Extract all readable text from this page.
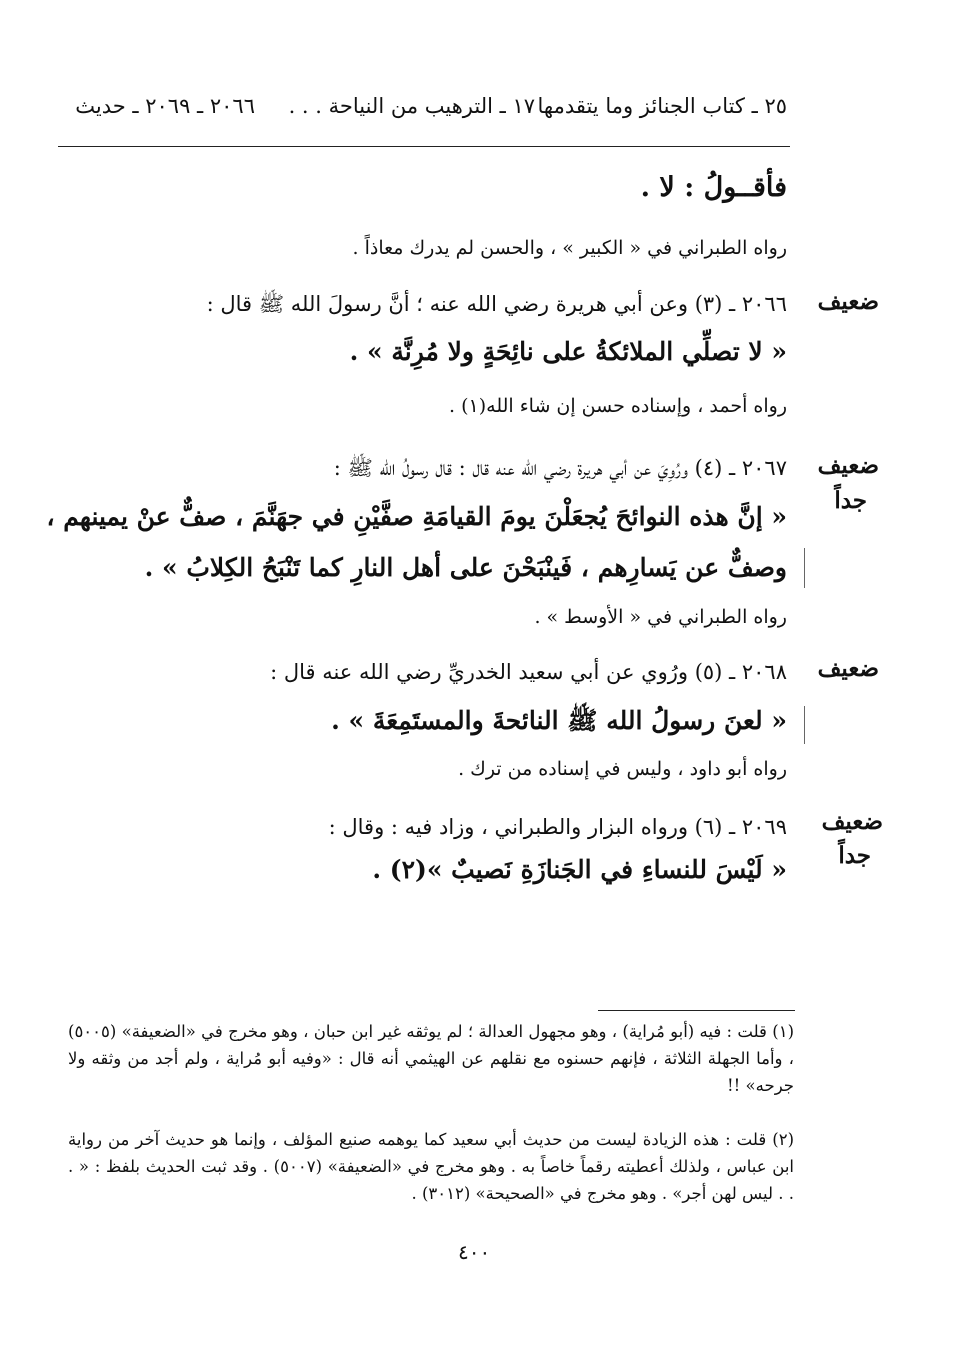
٢٥ ـ كتاب الجنائز وما يتقدمها
١٧ ـ الترهيب من النياحة . . .
٢٠٦٦ ـ ٢٠٦٩ ـ حديث
فأقــولُ : لا .
رواه الطبراني في « الكبير » ، والحسن لم يدرك معاذاً .
ضعيف
٢٠٦٦ ـ (٣) وعن أبي هريرة رضي الله عنه ؛ أنَّ رسولَ الله ﷺ قال :
« لا تصلِّي الملائكةُ على نائِحَةٍ ولا مُرِنَّة » .
رواه أحمد ، وإسناده حسن إن شاء الله(١) .
ضعيف
جداً
٢٠٦٧ ـ (٤) ورُوِيَ عن أبي هريرة رضي الله عنه قال : قال رسولُ الله ﷺ :
« إنَّ هذه النوائحَ يُجعَلْنَ يومَ القيامَةِ صفَّيْنِ في جهَنَّمَ ، صفٌّ عنْ يمينهم ،
وصفٌّ عن يَسارِهم ، فَينْبَحْنَ على أهل النارِ كما تَنْبَحُ الكِلابُ » .
رواه الطبراني في « الأوسط » .
ضعيف
٢٠٦٨ ـ (٥) ورُوي عن أبي سعيد الخدريِّ رضي الله عنه قال :
« لعنَ رسولُ الله ﷺ النائحةَ والمستَمِعَةَ » .
رواه أبو داود ، وليس في إسناده من ترك .
ضعيف
جداً
٢٠٦٩ ـ (٦) ورواه البزار والطبراني ، وزاد فيه : وقال :
« لَيْسَ للنساءِ في الجَنازَةِ نَصيبٌ »(٢) .
(١) قلت : فيه (أبو مُراية) ، وهو مجهول العدالة ؛ لم يوثقه غير ابن حبان ، وهو مخرج في «الضعيفة» (٥٠٠٥) ، وأما الجهلة الثلاثة ، فإنهم حسنوه مع نقلهم عن الهيثمي أنه قال : «وفيه أبو مُراية ، ولم أجد من وثقه ولا جرحه» !!
(٢) قلت : هذه الزيادة ليست من حديث أبي سعيد كما يوهمه صنيع المؤلف ، وإنما هو حديث آخر من رواية ابن عباس ، ولذلك أعطيته رقماً خاصاً به . وهو مخرج في «الضعيفة» (٥٠٠٧) . وقد ثبت الحديث بلفظ : « . . . ليس لهن أجر» . وهو مخرج في «الصحيحة» (٣٠١٢) .
٤٠٠
